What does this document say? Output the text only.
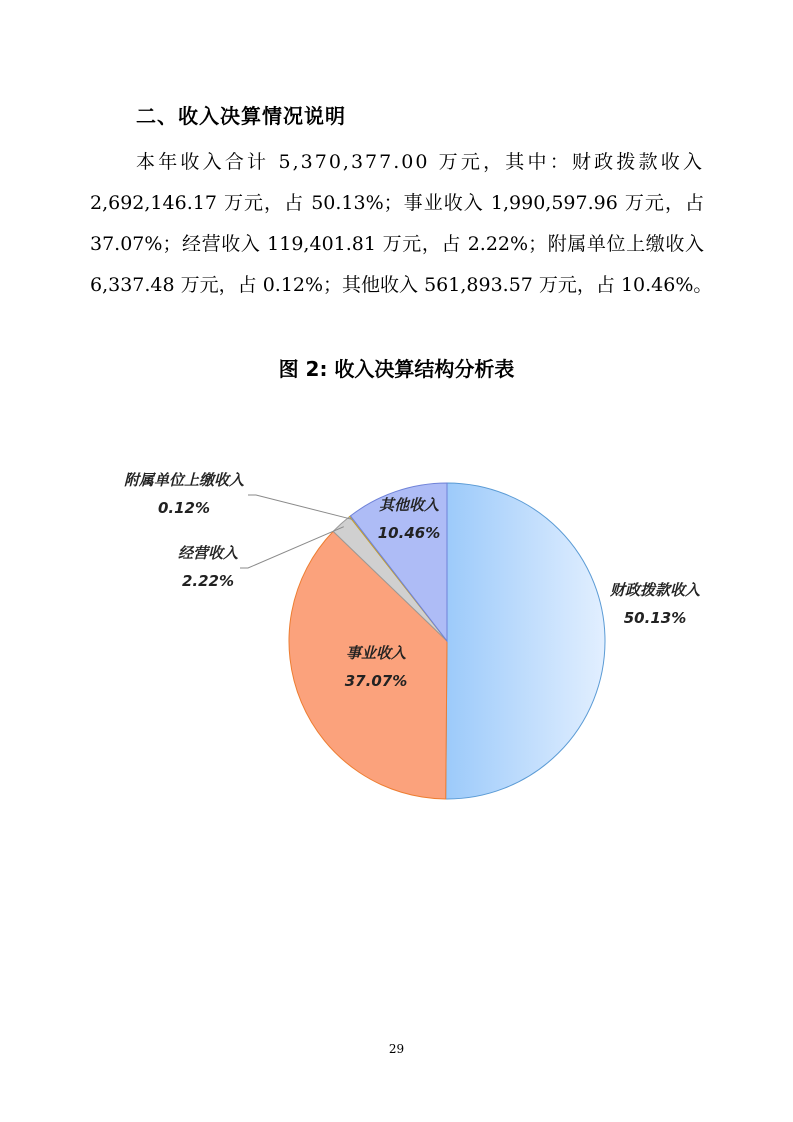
二、收入决算情况说明
本年收入合计 5,370,377.00 万元，其中：财政拨款收入
2,692,146.17 万元，占 50.13%；事业收入 1,990,597.96 万元，占
37.07%；经营收入 119,401.81 万元，占 2.22%；附属单位上缴收入
6,337.48 万元，占 0.12%；其他收入 561,893.57 万元，占 10.46%。
图 2: 收入决算结构分析表
财政拨款收入
50.13%
事业收入
37.07%
经营收入
2.22%
附属单位上缴收入
0.12%	其他收入
10.46%
29
